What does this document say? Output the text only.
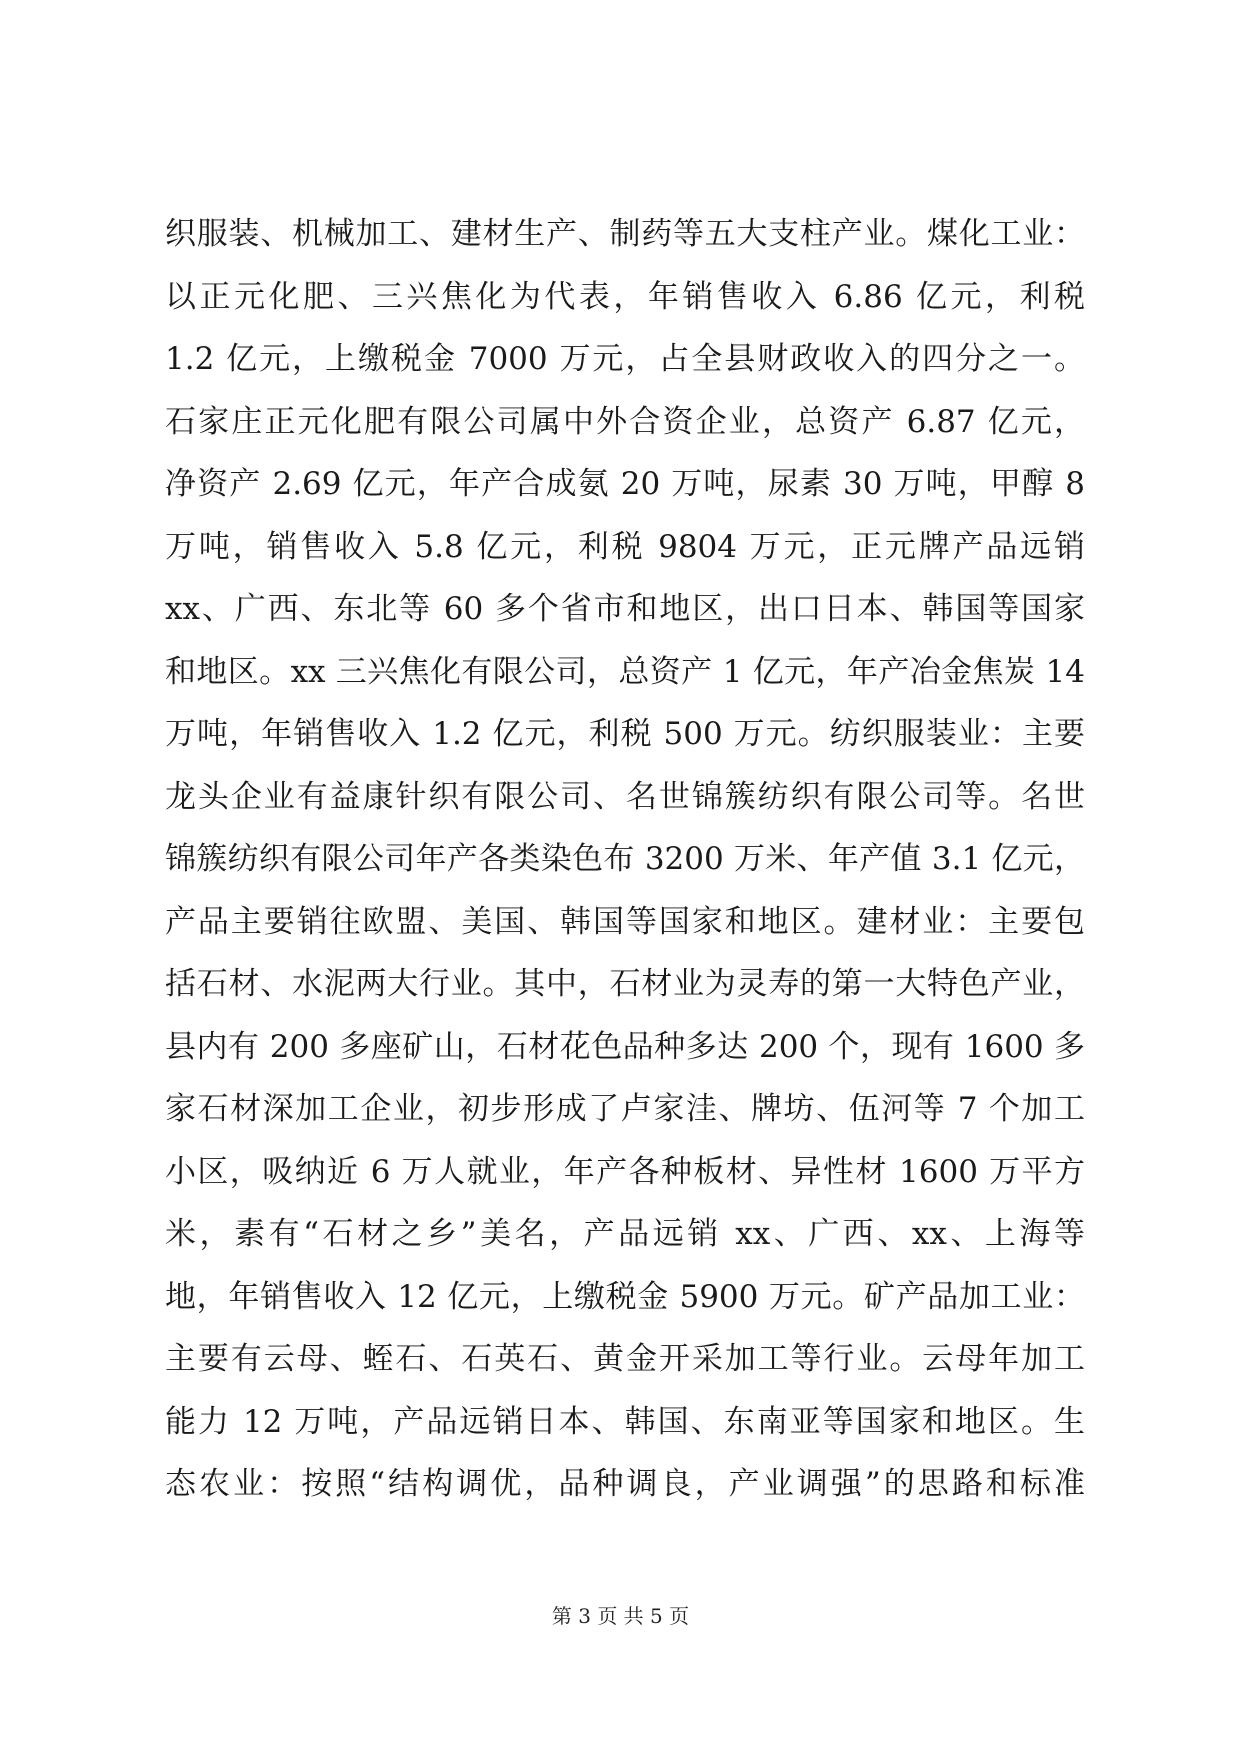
织服装、机械加工、建材生产、制药等五大支柱产业。煤化工业：
以正元化肥、三兴焦化为代表，年销售收入 6.86 亿元，利税
1.2 亿元，上缴税金 7000 万元，占全县财政收入的四分之一。
石家庄正元化肥有限公司属中外合资企业，总资产 6.87 亿元，
净资产 2.69 亿元，年产合成氨 20 万吨，尿素 30 万吨，甲醇 8
万吨，销售收入 5.8 亿元，利税 9804 万元，正元牌产品远销
xx、广西、东北等 60 多个省市和地区，出口日本、韩国等国家
和地区。xx 三兴焦化有限公司，总资产 1 亿元，年产冶金焦炭 14
万吨，年销售收入 1.2 亿元，利税 500 万元。纺织服装业：主要
龙头企业有益康针织有限公司、名世锦簇纺织有限公司等。名世
锦簇纺织有限公司年产各类染色布 3200 万米、年产值 3.1 亿元，
产品主要销往欧盟、美国、韩国等国家和地区。建材业：主要包
括石材、水泥两大行业。其中，石材业为灵寿的第一大特色产业，
县内有 200 多座矿山，石材花色品种多达 200 个，现有 1600 多
家石材深加工企业，初步形成了卢家洼、牌坊、伍河等 7 个加工
小区，吸纳近 6 万人就业，年产各种板材、异性材 1600 万平方
米，素有“石材之乡”美名，产品远销 xx、广西、xx、上海等
地，年销售收入 12 亿元，上缴税金 5900 万元。矿产品加工业：
主要有云母、蛭石、石英石、黄金开采加工等行业。云母年加工
能力 12 万吨，产品远销日本、韩国、东南亚等国家和地区。生
态农业：按照“结构调优，品种调良，产业调强”的思路和标准
第 3 页 共 5 页
